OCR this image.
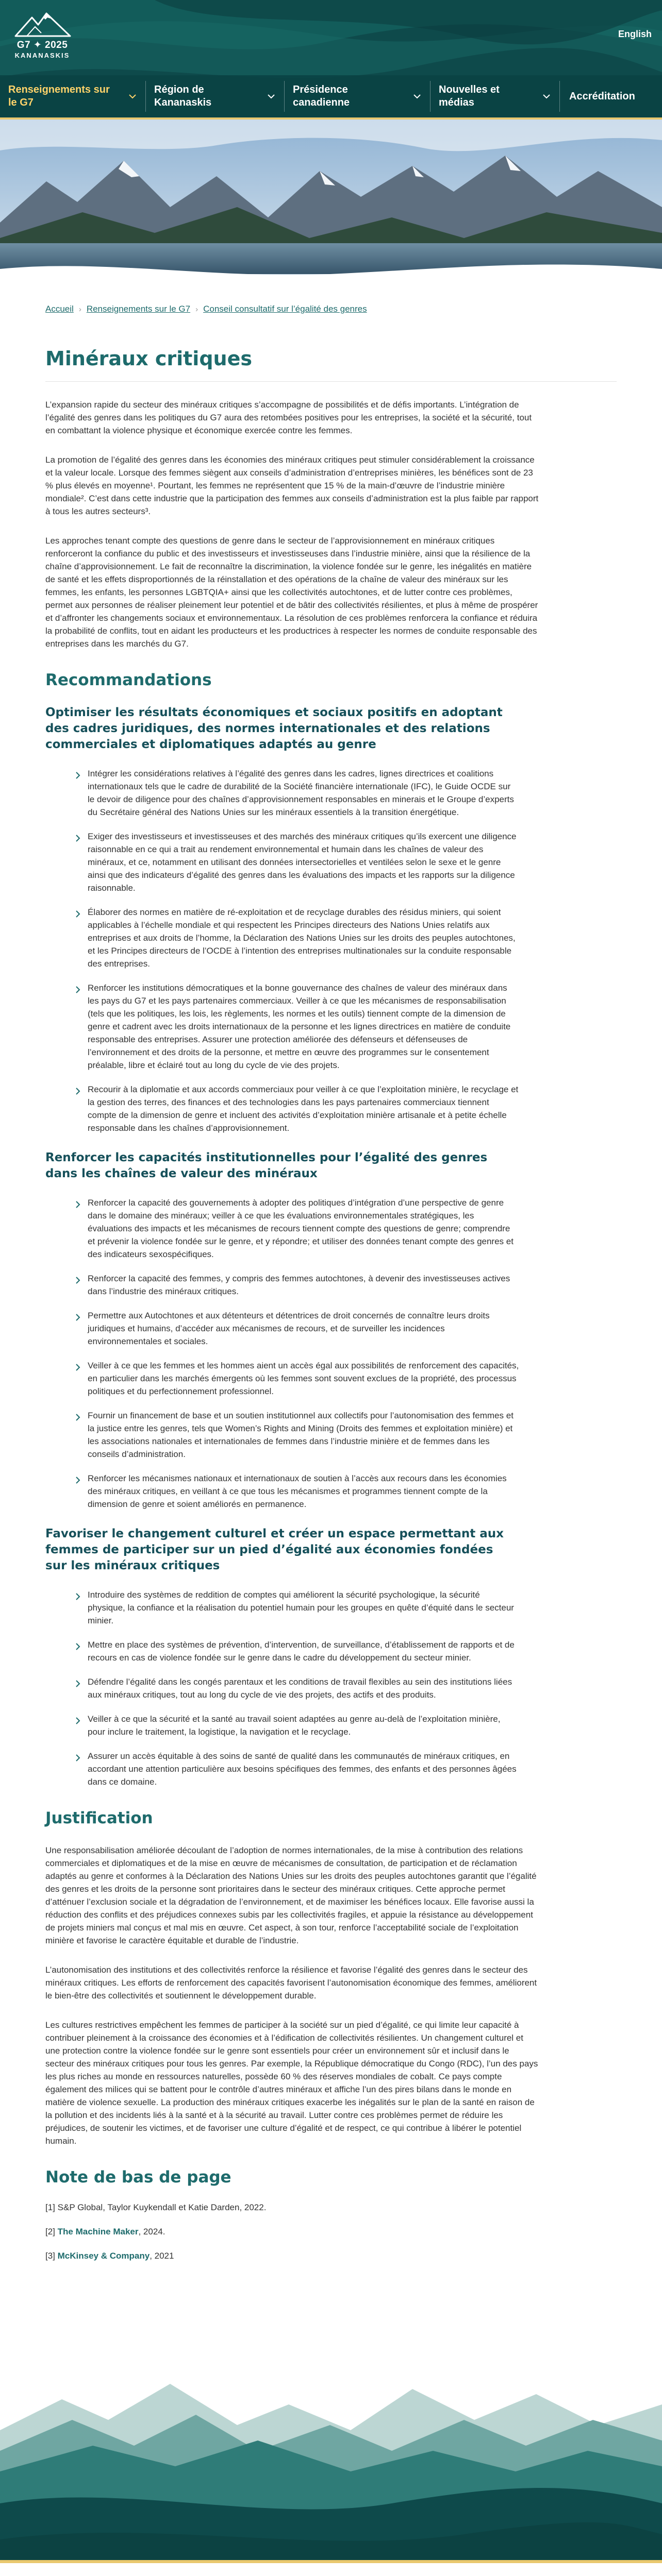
G7 ✦ 2025
KANANASKIS
English
Renseignements sur le G7
Région de Kananaskis
Présidence canadienne
Nouvelles et médias
Accréditation
Accueil › Renseignements sur le G7 › Conseil consultatif sur l’égalité des genres
Minéraux critiques

L’expansion rapide du secteur des minéraux critiques s’accompagne de possibilités et de défis importants. L’intégration de l’égalité des genres dans les politiques du G7 aura des retombées positives pour les entreprises, la société et la sécurité, tout en combattant la violence physique et économique exercée contre les femmes.

La promotion de l’égalité des genres dans les économies des minéraux critiques peut stimuler considérablement la croissance et la valeur locale. Lorsque des femmes siègent aux conseils d’administration d’entreprises minières, les bénéfices sont de 23 % plus élevés en moyenne¹. Pourtant, les femmes ne représentent que 15 % de la main-d’œuvre de l’industrie minière mondiale². C’est dans cette industrie que la participation des femmes aux conseils d’administration est la plus faible par rapport à tous les autres secteurs³.

Les approches tenant compte des questions de genre dans le secteur de l’approvisionnement en minéraux critiques renforceront la confiance du public et des investisseurs et investisseuses dans l’industrie minière, ainsi que la résilience de la chaîne d’approvisionnement. Le fait de reconnaître la discrimination, la violence fondée sur le genre, les inégalités en matière de santé et les effets disproportionnés de la réinstallation et des opérations de la chaîne de valeur des minéraux sur les femmes, les enfants, les personnes LGBTQIA+ ainsi que les collectivités autochtones, et de lutter contre ces problèmes, permet aux personnes de réaliser pleinement leur potentiel et de bâtir des collectivités résilientes, et plus à même de prospérer et d’affronter les changements sociaux et environnementaux. La résolution de ces problèmes renforcera la confiance et réduira la probabilité de conflits, tout en aidant les producteurs et les productrices à respecter les normes de conduite responsable des entreprises dans les marchés du G7.

Recommandations
Optimiser les résultats économiques et sociaux positifs en adoptant des cadres juridiques, des normes internationales et des relations commerciales et diplomatiques adaptés au genre
Intégrer les considérations relatives à l’égalité des genres dans les cadres, lignes directrices et coalitions internationaux tels que le cadre de durabilité de la Société financière internationale (IFC), le Guide OCDE sur le devoir de diligence pour des chaînes d’approvisionnement responsables en minerais et le Groupe d’experts du Secrétaire général des Nations Unies sur les minéraux essentiels à la transition énergétique.
Exiger des investisseurs et investisseuses et des marchés des minéraux critiques qu’ils exercent une diligence raisonnable en ce qui a trait au rendement environnemental et humain dans les chaînes de valeur des minéraux, et ce, notamment en utilisant des données intersectorielles et ventilées selon le sexe et le genre ainsi que des indicateurs d’égalité des genres dans les évaluations des impacts et les rapports sur la diligence raisonnable.
Élaborer des normes en matière de ré-exploitation et de recyclage durables des résidus miniers, qui soient applicables à l’échelle mondiale et qui respectent les Principes directeurs des Nations Unies relatifs aux entreprises et aux droits de l’homme, la Déclaration des Nations Unies sur les droits des peuples autochtones, et les Principes directeurs de l’OCDE à l’intention des entreprises multinationales sur la conduite responsable des entreprises.
Renforcer les institutions démocratiques et la bonne gouvernance des chaînes de valeur des minéraux dans les pays du G7 et les pays partenaires commerciaux. Veiller à ce que les mécanismes de responsabilisation (tels que les politiques, les lois, les règlements, les normes et les outils) tiennent compte de la dimension de genre et cadrent avec les droits internationaux de la personne et les lignes directrices en matière de conduite responsable des entreprises. Assurer une protection améliorée des défenseurs et défenseuses de l’environnement et des droits de la personne, et mettre en œuvre des programmes sur le consentement préalable, libre et éclairé tout au long du cycle de vie des projets.
Recourir à la diplomatie et aux accords commerciaux pour veiller à ce que l’exploitation minière, le recyclage et la gestion des terres, des finances et des technologies dans les pays partenaires commerciaux tiennent compte de la dimension de genre et incluent des activités d’exploitation minière artisanale et à petite échelle responsable dans les chaînes d’approvisionnement.
Renforcer les capacités institutionnelles pour l’égalité des genres dans les chaînes de valeur des minéraux
Renforcer la capacité des gouvernements à adopter des politiques d’intégration d’une perspective de genre dans le domaine des minéraux; veiller à ce que les évaluations environnementales stratégiques, les évaluations des impacts et les mécanismes de recours tiennent compte des questions de genre; comprendre et prévenir la violence fondée sur le genre, et y répondre; et utiliser des données tenant compte des genres et des indicateurs sexospécifiques.
Renforcer la capacité des femmes, y compris des femmes autochtones, à devenir des investisseuses actives dans l’industrie des minéraux critiques.
Permettre aux Autochtones et aux détenteurs et détentrices de droit concernés de connaître leurs droits juridiques et humains, d’accéder aux mécanismes de recours, et de surveiller les incidences environnementales et sociales.
Veiller à ce que les femmes et les hommes aient un accès égal aux possibilités de renforcement des capacités, en particulier dans les marchés émergents où les femmes sont souvent exclues de la propriété, des processus politiques et du perfectionnement professionnel.
Fournir un financement de base et un soutien institutionnel aux collectifs pour l’autonomisation des femmes et la justice entre les genres, tels que Women’s Rights and Mining (Droits des femmes et exploitation minière) et les associations nationales et internationales de femmes dans l’industrie minière et de femmes dans les conseils d’administration.
Renforcer les mécanismes nationaux et internationaux de soutien à l’accès aux recours dans les économies des minéraux critiques, en veillant à ce que tous les mécanismes et programmes tiennent compte de la dimension de genre et soient améliorés en permanence.
Favoriser le changement culturel et créer un espace permettant aux femmes de participer sur un pied d’égalité aux économies fondées sur les minéraux critiques
Introduire des systèmes de reddition de comptes qui améliorent la sécurité psychologique, la sécurité physique, la confiance et la réalisation du potentiel humain pour les groupes en quête d’équité dans le secteur minier.
Mettre en place des systèmes de prévention, d’intervention, de surveillance, d’établissement de rapports et de recours en cas de violence fondée sur le genre dans le cadre du développement du secteur minier.
Défendre l’égalité dans les congés parentaux et les conditions de travail flexibles au sein des institutions liées aux minéraux critiques, tout au long du cycle de vie des projets, des actifs et des produits.
Veiller à ce que la sécurité et la santé au travail soient adaptées au genre au-delà de l’exploitation minière, pour inclure le traitement, la logistique, la navigation et le recyclage.
Assurer un accès équitable à des soins de santé de qualité dans les communautés de minéraux critiques, en accordant une attention particulière aux besoins spécifiques des femmes, des enfants et des personnes âgées dans ce domaine.
Justification

Une responsabilisation améliorée découlant de l’adoption de normes internationales, de la mise à contribution des relations commerciales et diplomatiques et de la mise en œuvre de mécanismes de consultation, de participation et de réclamation adaptés au genre et conformes à la Déclaration des Nations Unies sur les droits des peuples autochtones garantit que l’égalité des genres et les droits de la personne sont prioritaires dans le secteur des minéraux critiques. Cette approche permet d’atténuer l’exclusion sociale et la dégradation de l’environnement, et de maximiser les bénéfices locaux. Elle favorise aussi la réduction des conflits et des préjudices connexes subis par les collectivités fragiles, et appuie la résistance au développement de projets miniers mal conçus et mal mis en œuvre. Cet aspect, à son tour, renforce l’acceptabilité sociale de l’exploitation minière et favorise le caractère équitable et durable de l’industrie.

L’autonomisation des institutions et des collectivités renforce la résilience et favorise l’égalité des genres dans le secteur des minéraux critiques. Les efforts de renforcement des capacités favorisent l’autonomisation économique des femmes, améliorent le bien-être des collectivités et soutiennent le développement durable.

Les cultures restrictives empêchent les femmes de participer à la société sur un pied d’égalité, ce qui limite leur capacité à contribuer pleinement à la croissance des économies et à l’édification de collectivités résilientes. Un changement culturel et une protection contre la violence fondée sur le genre sont essentiels pour créer un environnement sûr et inclusif dans le secteur des minéraux critiques pour tous les genres. Par exemple, la République démocratique du Congo (RDC), l’un des pays les plus riches au monde en ressources naturelles, possède 60 % des réserves mondiales de cobalt. Ce pays compte également des milices qui se battent pour le contrôle d’autres minéraux et affiche l’un des pires bilans dans le monde en matière de violence sexuelle. La production des minéraux critiques exacerbe les inégalités sur le plan de la santé en raison de la pollution et des incidents liés à la santé et à la sécurité au travail. Lutter contre ces problèmes permet de réduire les préjudices, de soutenir les victimes, et de favoriser une culture d’égalité et de respect, ce qui contribue à libérer le potentiel humain.

Note de bas de page
[1] S&P Global, Taylor Kuykendall et Katie Darden, 2022.
[2] The Machine Maker, 2024.
[3] McKinsey & Company, 2021
